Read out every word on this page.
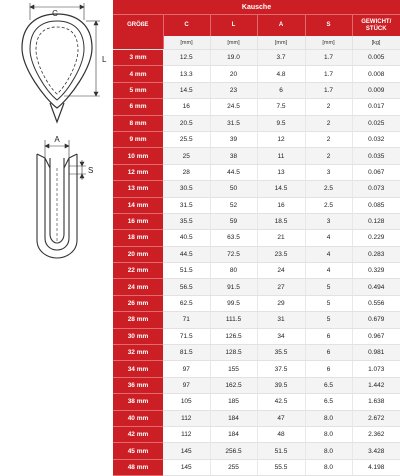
C
L
A
S
Kausche					
GRÖßE	C	L	A	S	GEWICHT/ STÜCK
	[mm]	[mm]	[mm]	[mm]	[kg]
3 mm	12.5	19.0	3.7	1.7	0.005
4 mm	13.3	20	4.8	1.7	0.008
5 mm	14.5	23	6	1.7	0.009
6 mm	16	24.5	7.5	2	0.017
8 mm	20.5	31.5	9.5	2	0.025
9 mm	25.5	39	12	2	0.032
10 mm	25	38	11	2	0.035
12 mm	28	44.5	13	3	0.067
13 mm	30.5	50	14.5	2.5	0.073
14 mm	31.5	52	16	2.5	0.085
16 mm	35.5	59	18.5	3	0.128
18 mm	40.5	63.5	21	4	0.229
20 mm	44.5	72.5	23.5	4	0.283
22 mm	51.5	80	24	4	0.329
24 mm	56.5	91.5	27	5	0.494
26 mm	62.5	99.5	29	5	0.556
28 mm	71	111.5	31	5	0.679
30 mm	71.5	126.5	34	6	0.967
32 mm	81.5	128.5	35.5	6	0.981
34 mm	97	155	37.5	6	1.073
36 mm	97	162.5	39.5	6.5	1.442
38 mm	105	185	42.5	6.5	1.638
40 mm	112	184	47	8.0	2.672
42 mm	112	184	48	8.0	2.362
45 mm	145	256.5	51.5	8.0	3.428
48 mm	145	255	55.5	8.0	4.198
